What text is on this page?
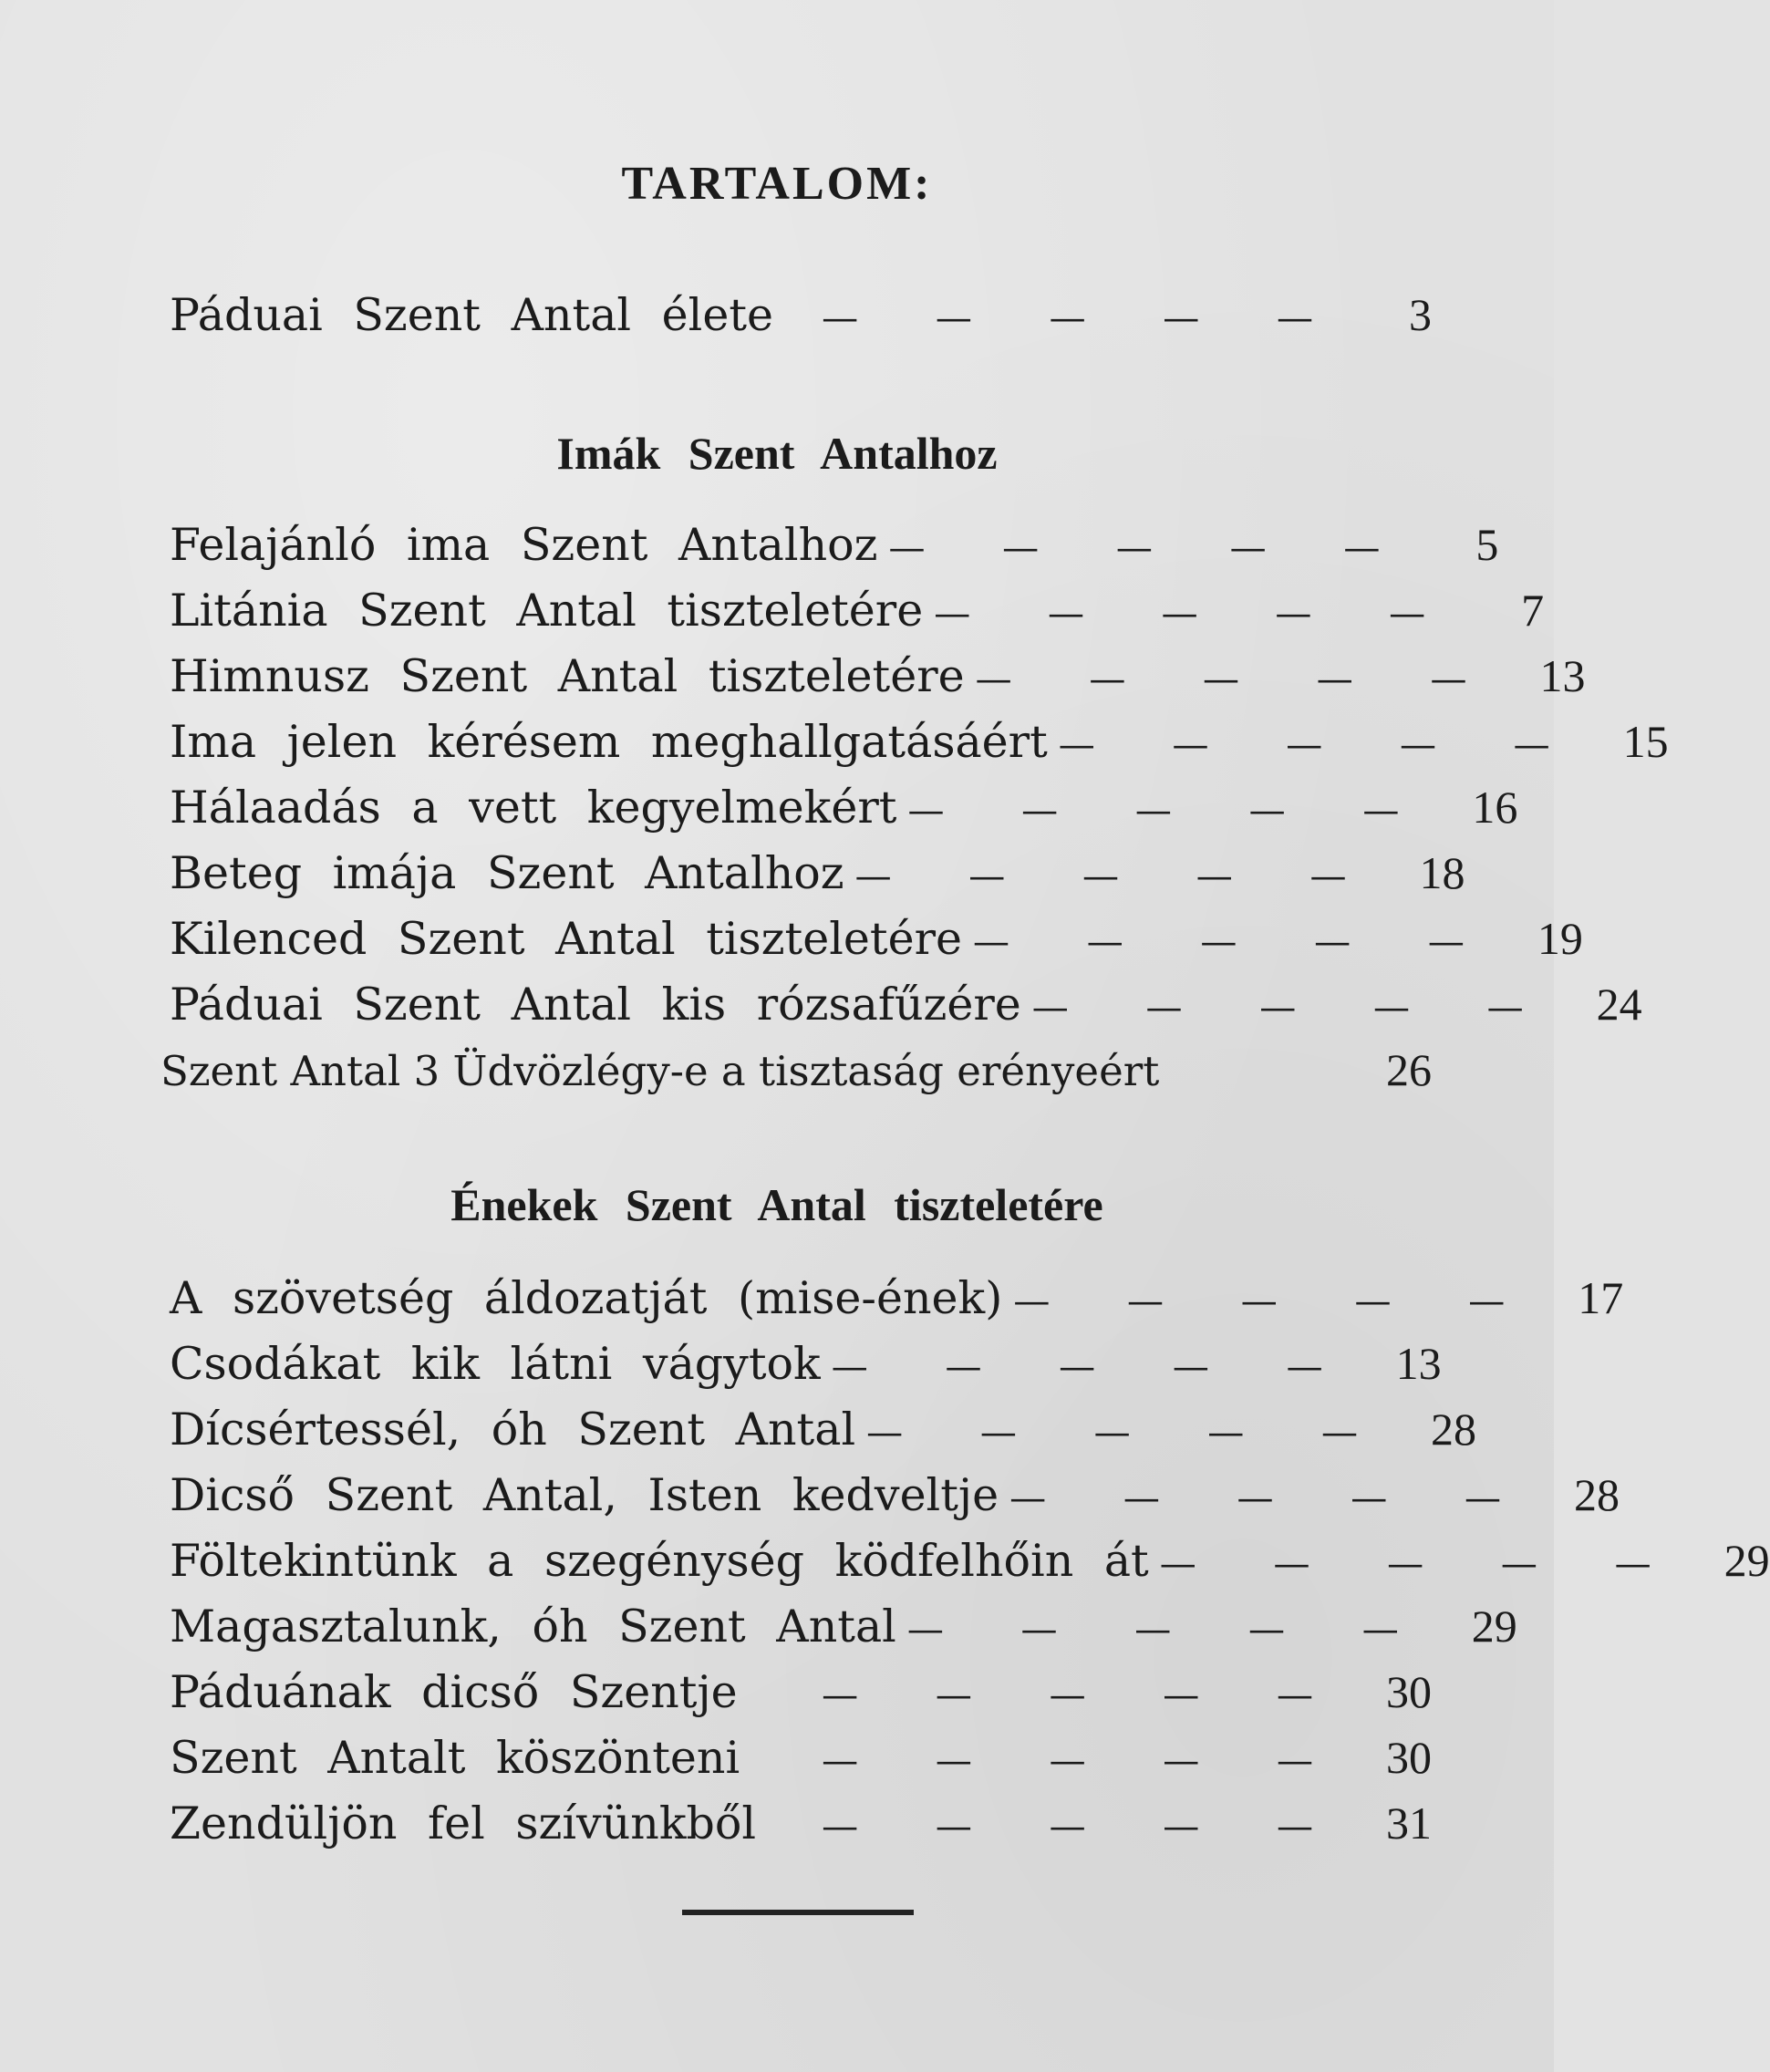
TARTALOM:
Páduai Szent Antal élete	— — — — —	3
Imák Szent Antalhoz
Felajánló ima Szent Antalhoz — — — — —	5
Litánia Szent Antal tiszteletére — — — — —	7
Himnusz Szent Antal tiszteletére — — — — — 13
Ima jelen kérésem meghallgatásáért — — — — — 15
Hálaadás a vett kegyelmekért — — — — — 16
Beteg imája Szent Antalhoz — — — — — 18
Kilenced Szent Antal tiszteletére — — — — — 19
Páduai Szent Antal kis rózsafűzére — — — — — 24
Szent Antal 3 Üdvözlégy-e a tisztaság erényeért	26
Énekek Szent Antal tiszteletére
A szövetség áldozatját (mise-ének) — — — — — 17
Csodákat kik látni vágytok — — — — — 13
Dícsértessél, óh Szent Antal — — — — — 28
Dicső Szent Antal, Isten kedveltje — — — — — 28
Föltekintünk a szegénység ködfelhőin át — — — — — 29
Magasztalunk, óh Szent Antal — — — — — 29
Páduának dicső Szentje	— — — — — 30
Szent Antalt köszönteni	— — — — — 30
Zendüljön fel szívünkből	— — — — — 31
